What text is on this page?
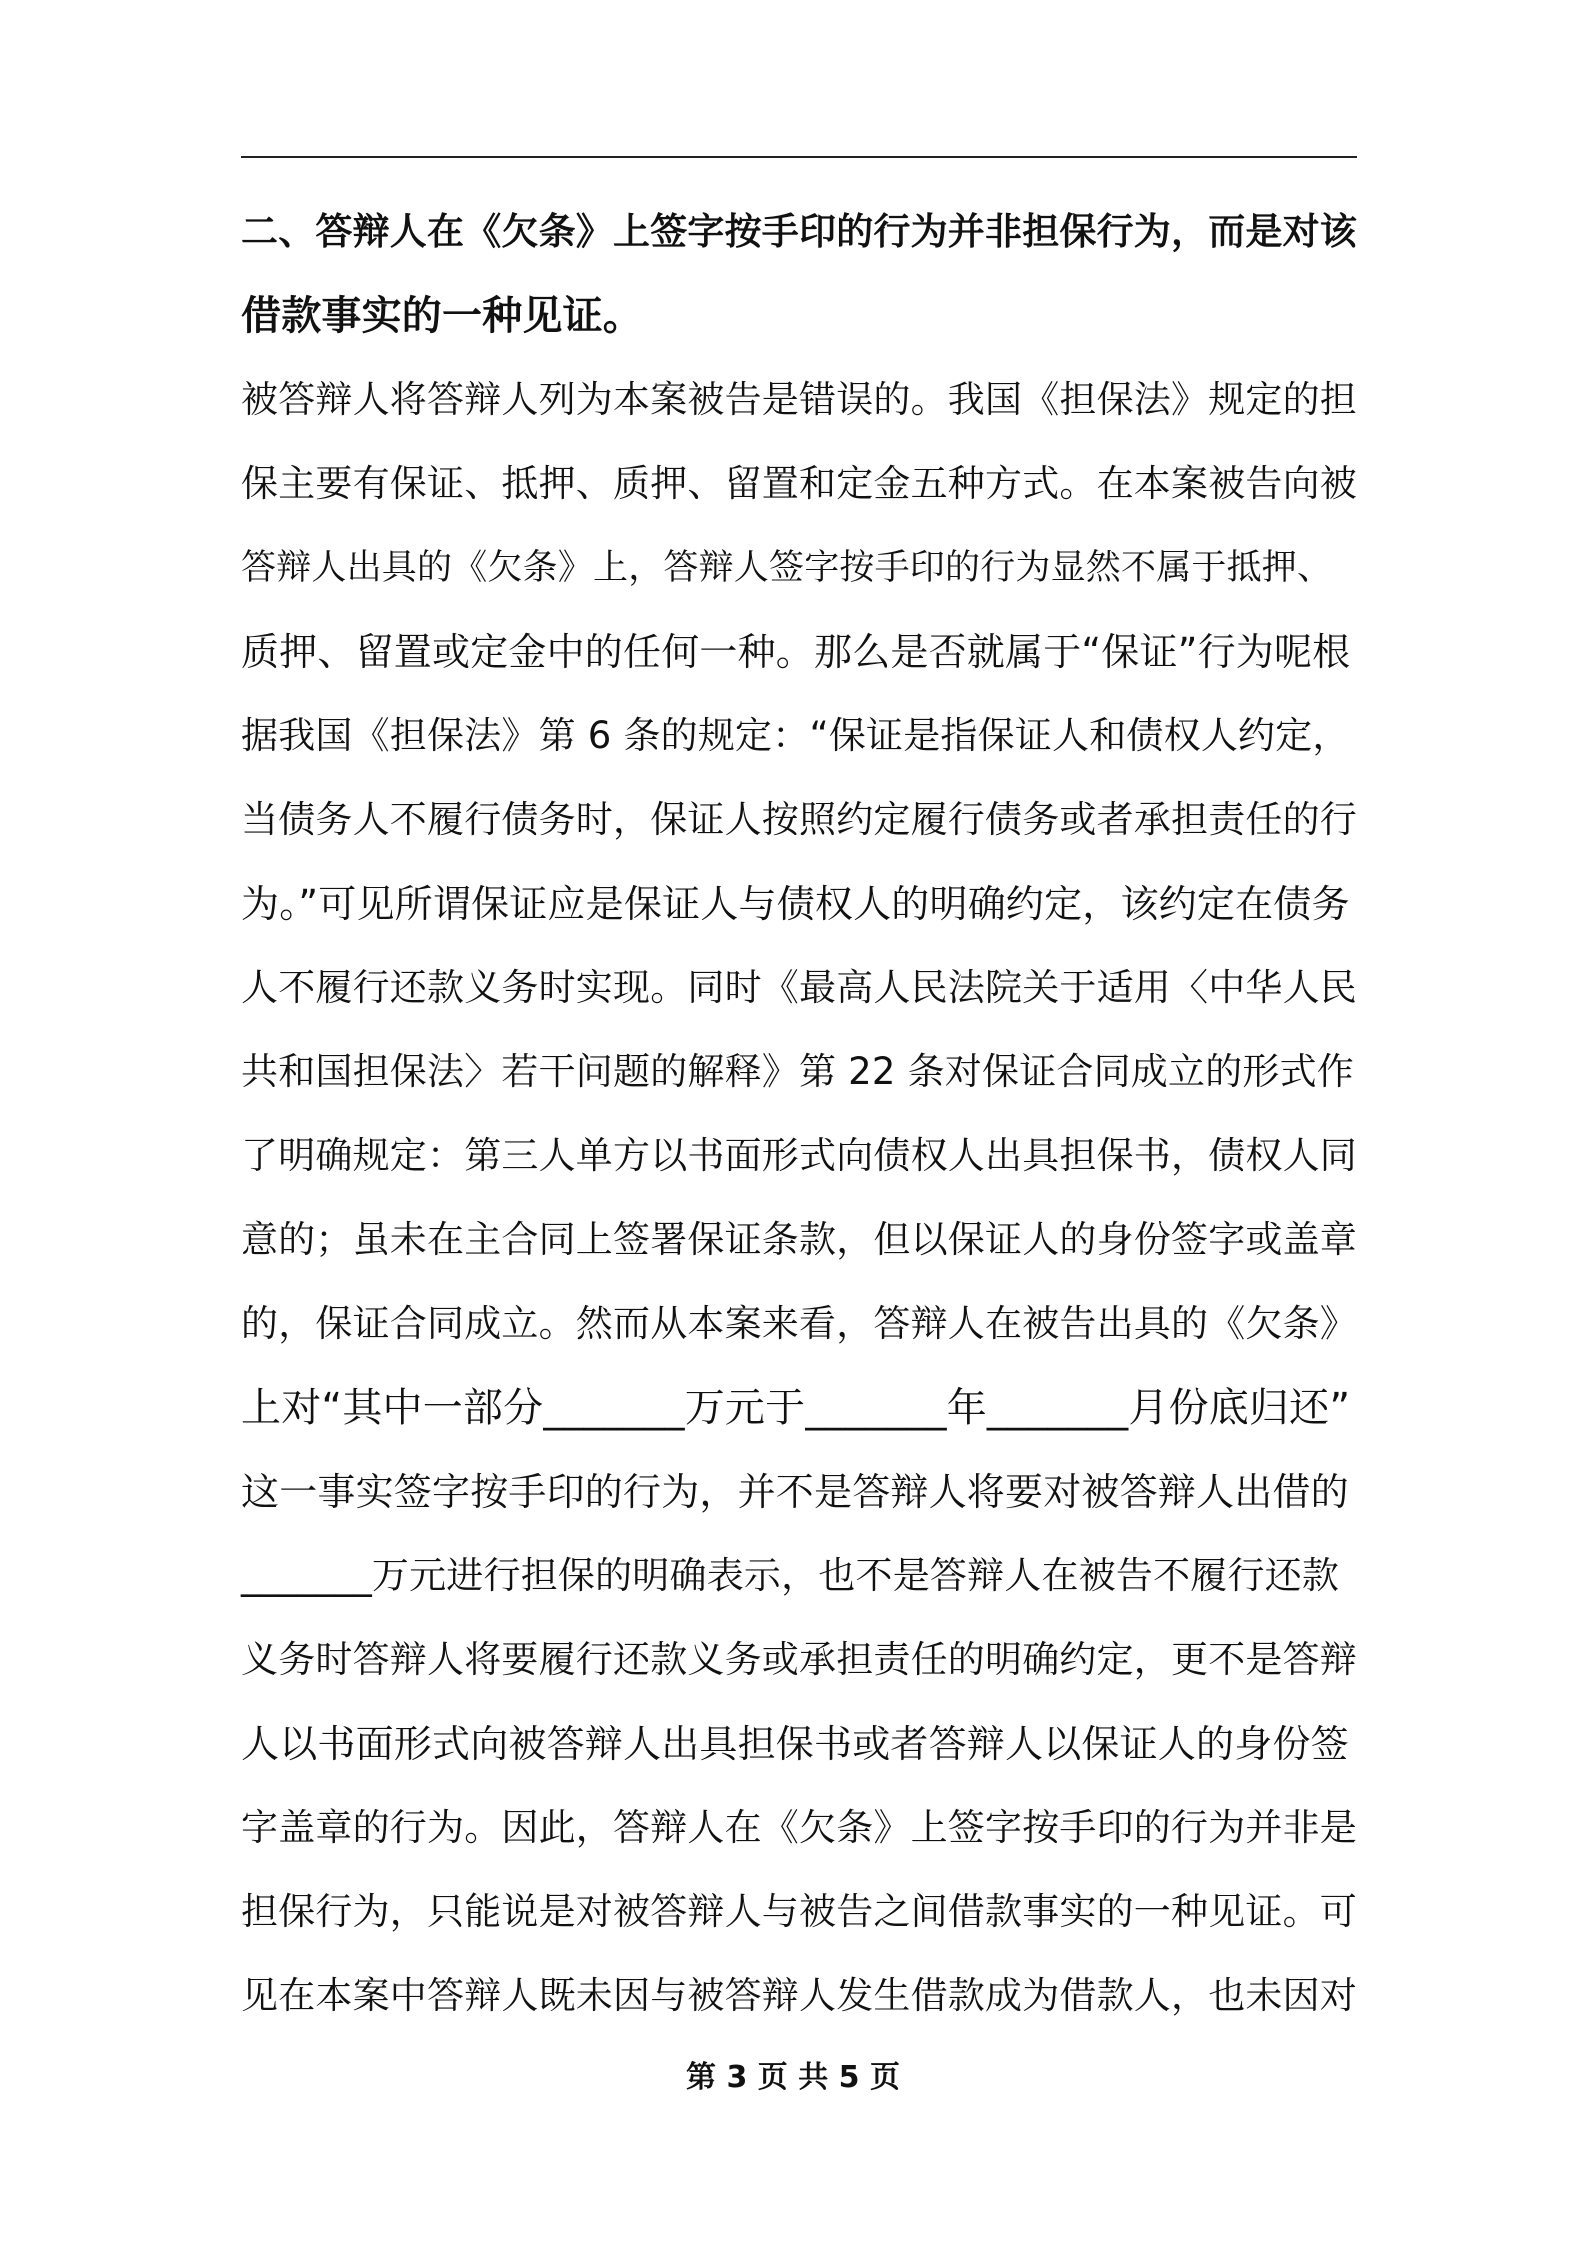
二、答辩人在《欠条》上签字按手印的行为并非担保行为，而是对该
借款事实的一种见证。
被答辩人将答辩人列为本案被告是错误的。我国《担保法》规定的担
保主要有保证、抵押、质押、留置和定金五种方式。在本案被告向被
答辩人出具的《欠条》上，答辩人签字按手印的行为显然不属于抵押、
质押、留置或定金中的任何一种。那么是否就属于“保证”行为呢根
据我国《担保法》第 6 条的规定：“保证是指保证人和债权人约定，
当债务人不履行债务时，保证人按照约定履行债务或者承担责任的行
为。”可见所谓保证应是保证人与债权人的明确约定，该约定在债务
人不履行还款义务时实现。同时《最高人民法院关于适用〈中华人民
共和国担保法〉若干问题的解释》第 22 条对保证合同成立的形式作
了明确规定：第三人单方以书面形式向债权人出具担保书，债权人同
意的；虽未在主合同上签署保证条款，但以保证人的身份签字或盖章
的，保证合同成立。然而从本案来看，答辩人在被告出具的《欠条》
上对“其中一部分_______万元于_______年_______月份底归还”
这一事实签字按手印的行为，并不是答辩人将要对被答辩人出借的
_______万元进行担保的明确表示，也不是答辩人在被告不履行还款
义务时答辩人将要履行还款义务或承担责任的明确约定，更不是答辩
人以书面形式向被答辩人出具担保书或者答辩人以保证人的身份签
字盖章的行为。因此，答辩人在《欠条》上签字按手印的行为并非是
担保行为，只能说是对被答辩人与被告之间借款事实的一种见证。可
见在本案中答辩人既未因与被答辩人发生借款成为借款人，也未因对
第 3 页 共 5 页
